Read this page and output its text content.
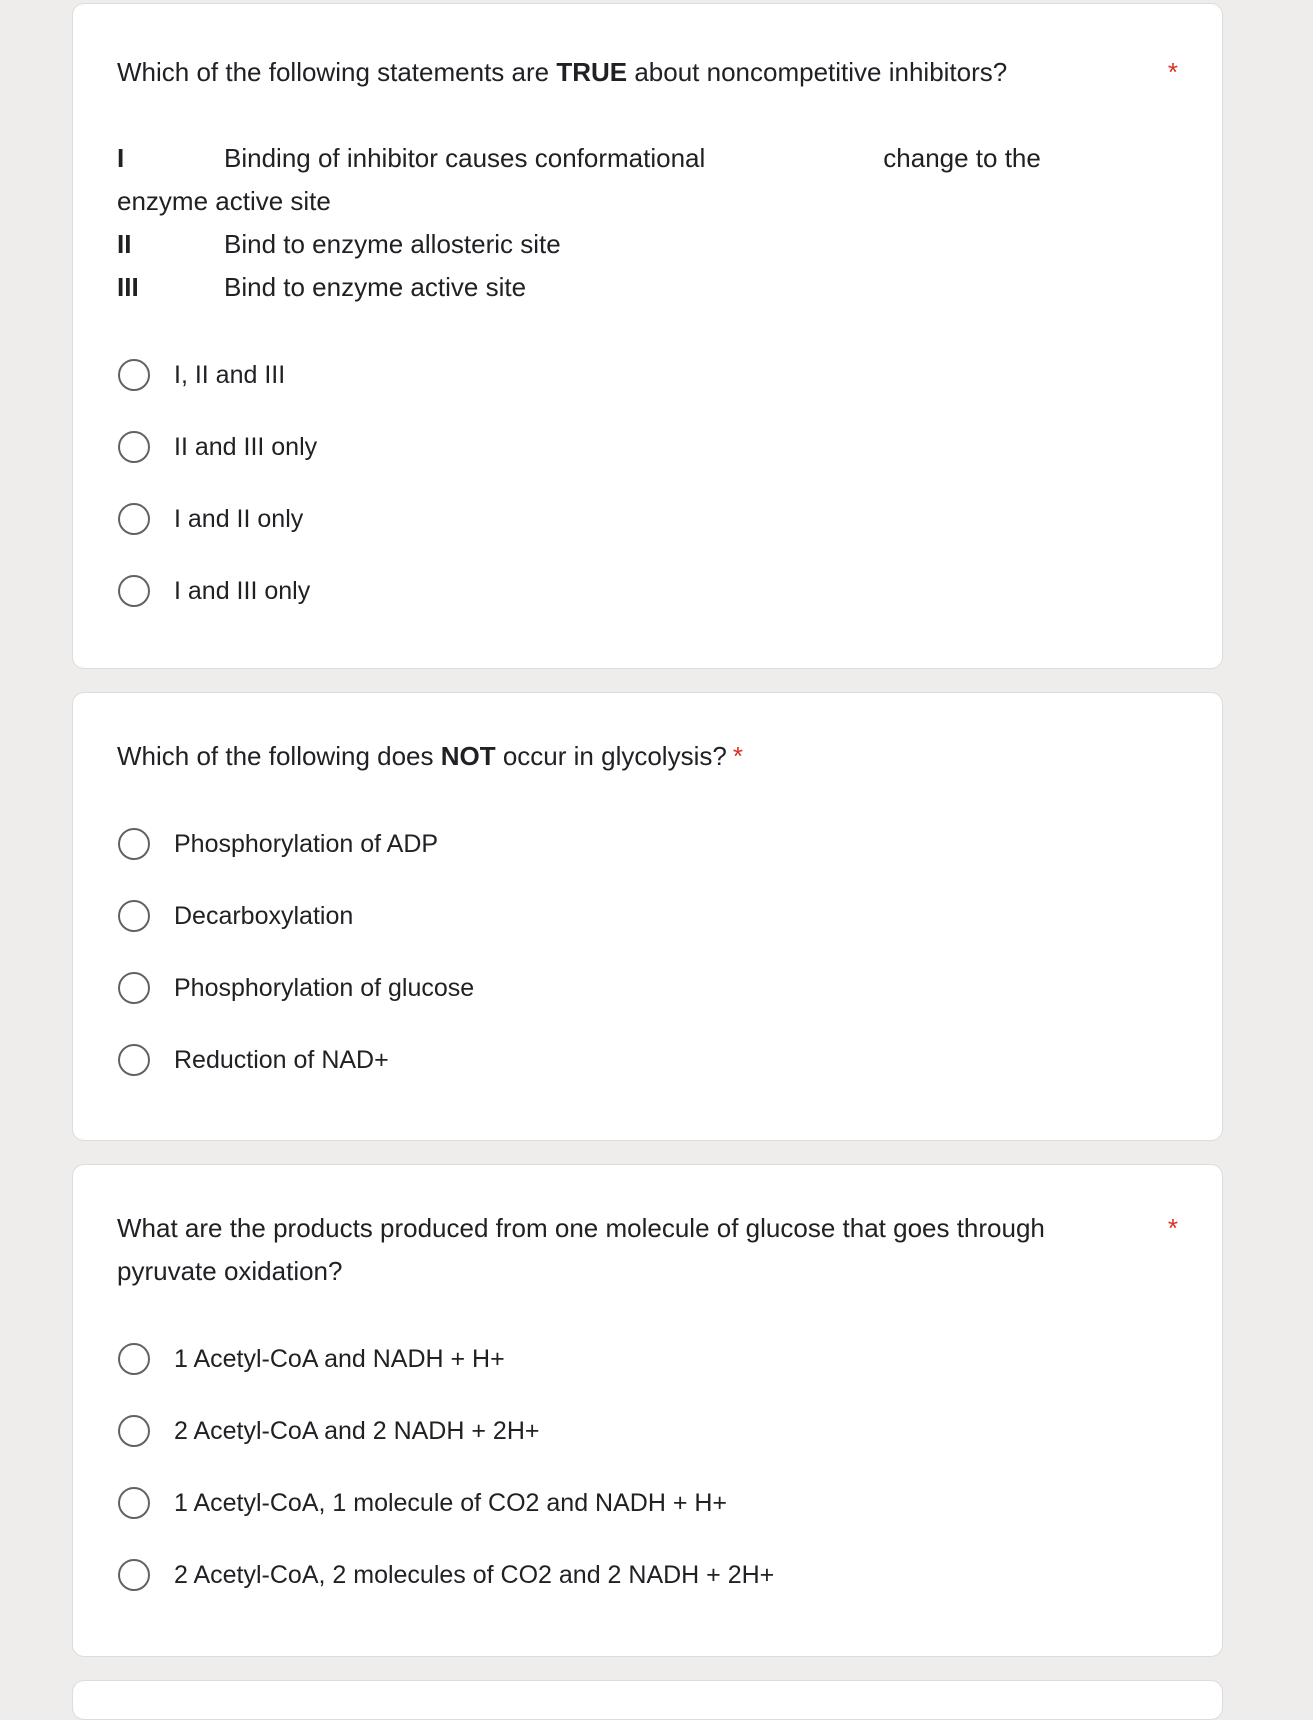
Which of the following statements are TRUE about noncompetitive inhibitors?	*
I	Binding of inhibitor causes conformational	change to the
enzyme active site
II	Bind to enzyme allosteric site
III	Bind to enzyme active site
I, II and III
II and III only
I and II only
I and III only
Which of the following does NOT occur in glycolysis? *
Phosphorylation of ADP
Decarboxylation
Phosphorylation of glucose
Reduction of NAD+
What are the products produced from one molecule of glucose that goes through pyruvate oxidation?
*
1 Acetyl-CoA and NADH + H+
2 Acetyl-CoA and 2 NADH + 2H+
1 Acetyl-CoA, 1 molecule of CO2 and NADH + H+
2 Acetyl-CoA, 2 molecules of CO2 and 2 NADH + 2H+
